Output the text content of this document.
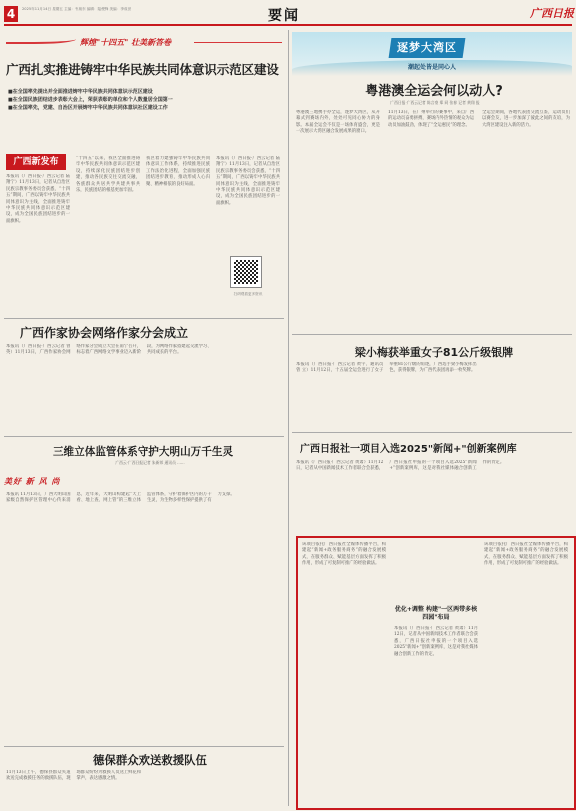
4	2025年11月14日 星期五 主编：韦朋东 编辑：陆俊锋 美编：李成世	要闻	广西日报
辉煌"十四五" 壮美新答卷
广西扎实推进铸牢中华民族共同体意识示范区建设
■在全国率先提出并全面推进铸牢中华民族共同体意识示范区建设
■在全国民族团结进步表彰大会上，荣获表彰的单位和个人数量居全国第一
■在全国率先，党建、自治区开展铸牢中华民族共同体意识社区建设工作
广西新发布
本报讯（广西日报·广西云记者 陆翔宁）11月13日，记者从自治区民族宗教事务委员会获悉，“十四五”期间，广西以铸牢中华民族共同体意识为主线，全面推进铸牢中华民族共同体意识示范区建设，成为全国民族团结进步的一面旗帜。
“十四五”以来，我区全面推进铸牢中华民族共同体意识示范区建设，持续深化民族团结进步创建，推动各民族交往交流交融，各族群众共居共学共建共事共乐，民族团结的根基更加牢固。
我区着力建强铸牢中华民族共同体意识工作体系，持续推进民族工作法治化进程，全面加强民族团结进步教育，推动形成人心归聚、精神相依的良好局面。
本报讯（广西日报·广西云记者 陆翔宁）11月13日，记者从自治区民族宗教事务委员会获悉，“十四五”期间，广西以铸牢中华民族共同体意识为主线，全面推进铸牢中华民族共同体意识示范区建设，成为全国民族团结进步的一面旗帜。
扫码观看更多资讯
逐梦大湾区
潮起处皆是同心人
粤港澳全运会何以动人?
广西日报·广西云记者 陈言豪 郑 同 张春 记者 黄翔 报
粤港澳三地携手办全运，逐梦大湾区，从开幕式到赛场内外，处处可见同心协力的身影。本届全运会不仅是一场体育盛会，更是一次展示大湾区融合发展成果的窗口。
11月13日，在广州举行的赛事中，来自广西的运动员奋勇拼搏，赛场内外热情的观众为运动员加油鼓劲，体现了“全运惠民”的理念。
全运会期间，各地代表团交流互鉴，运动员们以赛会友，进一步加深了彼此之间的友谊，为大湾区建设注入新的活力。
广西作家协会网络作家分会成立
本报讯（广西日报·广西云记者 曾英）11月13日，广西作家协会网络作家分会成立大会在南宁召开，标志着广西网络文学事业迈入新阶段，为网络作家搭建起交流学习、共同成长的平台。	梁小梅获举重女子81公斤级银牌
本报讯（广西日报·广西云记者 黄宇、通讯员 曾 立）11月12日，十五届全运会进行了女子举重81公斤级的角逐，广西选手梁小梅发挥出色，获得银牌，为广西代表团再添一枚奖牌。
三维立体监管体系守护大明山万千生灵
广西云·广西日报记者 朱新邦 通讯员 ……
美好 新 风 尚
本报讯 11月13日，广西大明山国家级自然保护区管理中心传来消息，近年来，大明山构建起“天上看、地上查、网上管”的三维立体监管体系，守护着保护区内的万千生灵，为生物多样性保护提供了有力支撑。
广西日报社一项目入选2025"新闻+"创新案例库
本报讯（广西日报·广西云记者 黄肃）11月12日，记者从中国新闻技术工作者联合会获悉，广西日报社申报的一个项目入选2025“新闻+”创新案例库，这是对我社媒体融合创新工作的肯定。
该项目依托广西日报社全媒体传播平台，构建起“新闻+政务服务商务”的融合发展模式，在服务群众、赋能基层方面发挥了积极作用，形成了可复制可推广的经验做法。
优化+调整 构建"一区两带多核四园"布局
本报讯（广西日报·广西云记者 黄肃）11月12日，记者从中国新闻技术工作者联合会获悉，广西日报社申报的一个项目入选2025“新闻+”创新案例库，这是对我社媒体融合创新工作的肯定。
该项目依托广西日报社全媒体传播平台，构建起“新闻+政务服务商务”的融合发展模式，在服务群众、赋能基层方面发挥了积极作用，形成了可复制可推广的经验做法。
德保群众欢送救援队伍
11月13日上午，德保县群众夹道欢送完成救援任务的救援队伍，现场群众纷纷为救援人员送上鲜花和掌声，表达感激之情。
